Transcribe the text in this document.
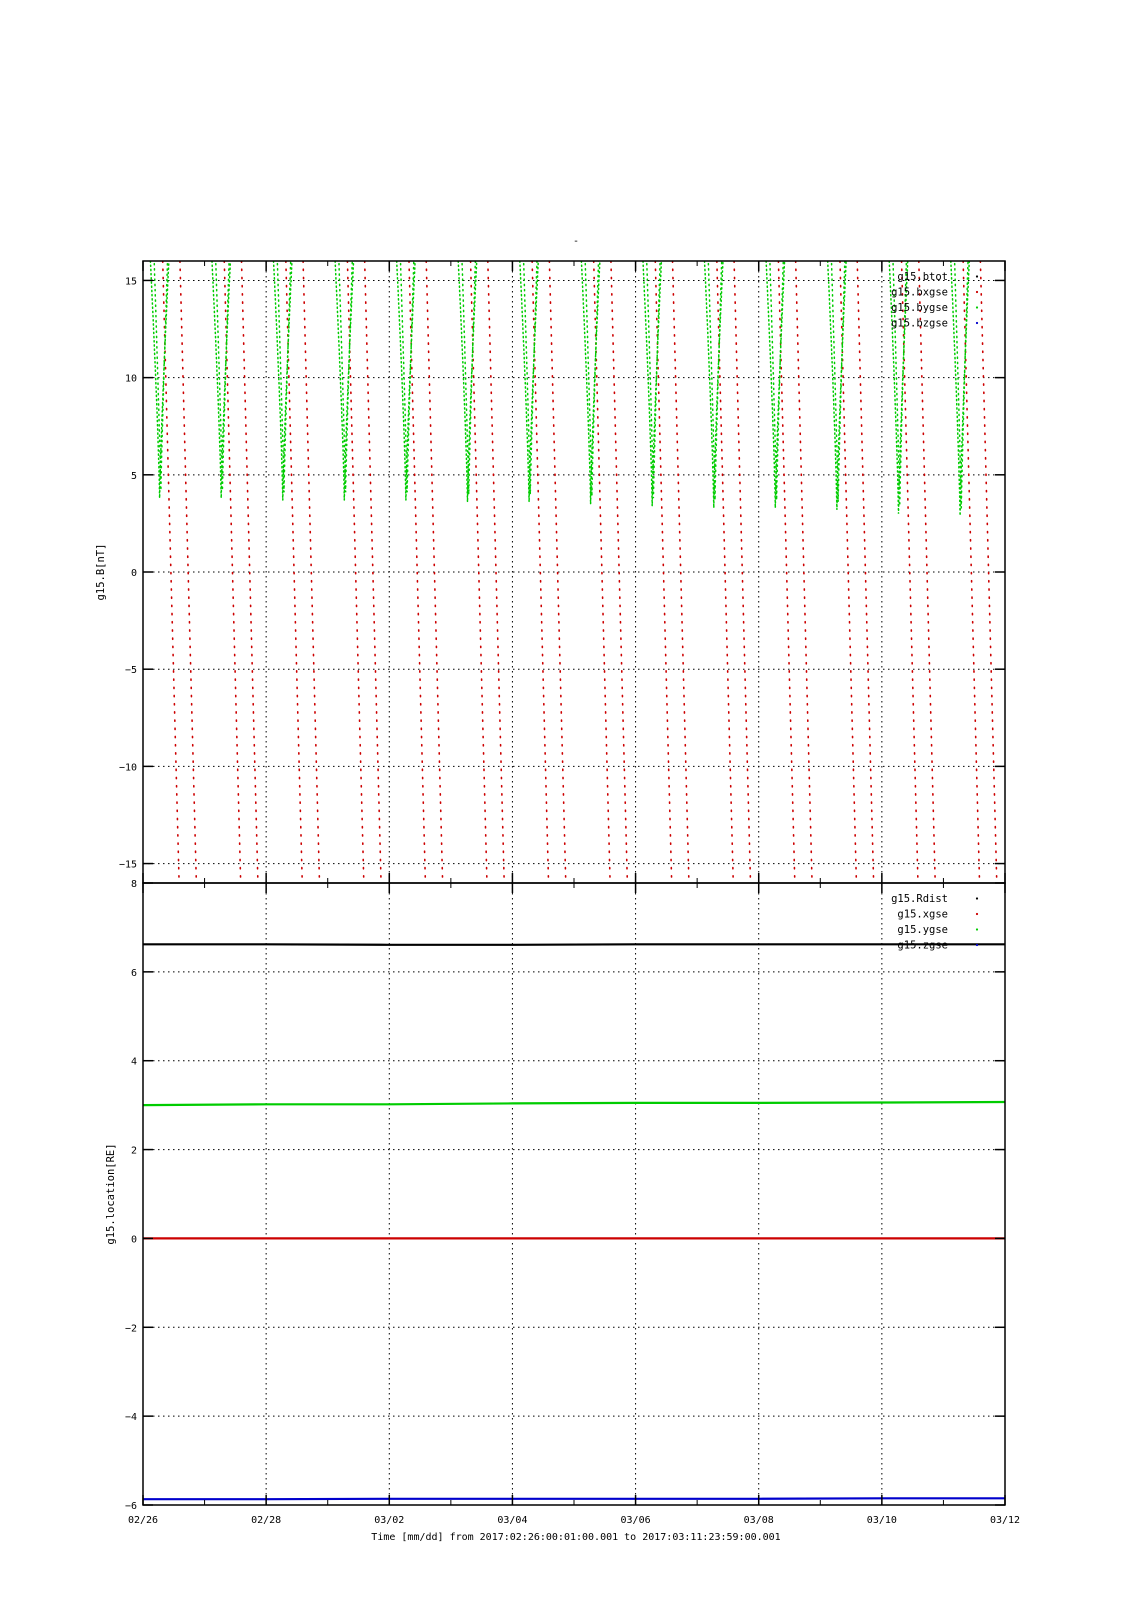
-
−15
−10
−5
0
5
10
15
g15.B[nT]
g15.btot
g15.bxgse
g15.bygse
g15.bzgse
−6
−4
−2
0
2
4
6
8
g15.location[RE]
g15.Rdist
g15.xgse
g15.ygse
g15.zgse
02/26	02/28	03/02	03/04	03/06	03/08	03/10	03/12
Time [mm/dd] from 2017:02:26:00:01:00.001 to 2017:03:11:23:59:00.001
